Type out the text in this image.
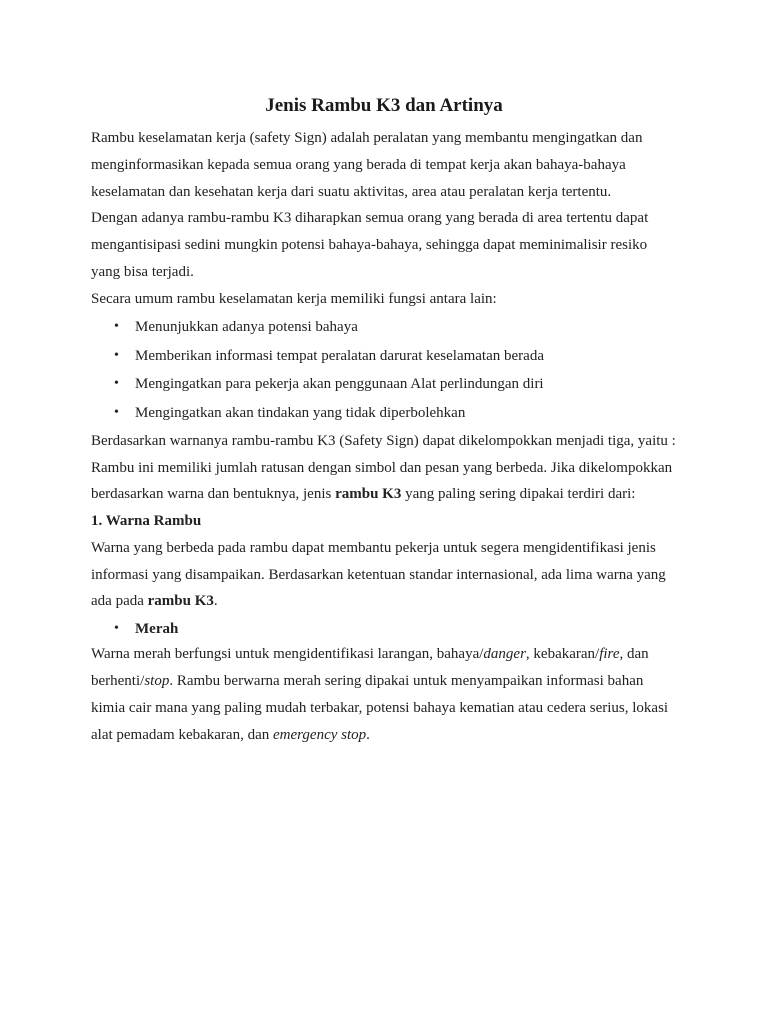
Jenis Rambu K3 dan Artinya
Rambu keselamatan kerja (safety Sign) adalah peralatan yang membantu mengingatkan dan
menginformasikan kepada semua orang yang berada di tempat kerja akan bahaya-bahaya
keselamatan dan kesehatan kerja dari suatu aktivitas, area atau peralatan kerja tertentu.
Dengan adanya rambu-rambu K3 diharapkan semua orang yang berada di area tertentu dapat
mengantisipasi sedini mungkin potensi bahaya-bahaya, sehingga dapat meminimalisir resiko
yang bisa terjadi.
Secara umum rambu keselamatan kerja memiliki fungsi antara lain:
• Menunjukkan adanya potensi bahaya
• Memberikan informasi tempat peralatan darurat keselamatan berada
• Mengingatkan para pekerja akan penggunaan Alat perlindungan diri
• Mengingatkan akan tindakan yang tidak diperbolehkan
Berdasarkan warnanya rambu-rambu K3 (Safety Sign) dapat dikelompokkan menjadi tiga, yaitu :
Rambu ini memiliki jumlah ratusan dengan simbol dan pesan yang berbeda. Jika dikelompokkan
berdasarkan warna dan bentuknya, jenis rambu K3 yang paling sering dipakai terdiri dari:
1. Warna Rambu
Warna yang berbeda pada rambu dapat membantu pekerja untuk segera mengidentifikasi jenis
informasi yang disampaikan. Berdasarkan ketentuan standar internasional, ada lima warna yang
ada pada rambu K3.
• Merah
Warna merah berfungsi untuk mengidentifikasi larangan, bahaya/danger, kebakaran/fire, dan
berhenti/stop. Rambu berwarna merah sering dipakai untuk menyampaikan informasi bahan
kimia cair mana yang paling mudah terbakar, potensi bahaya kematian atau cedera serius, lokasi
alat pemadam kebakaran, dan emergency stop.
